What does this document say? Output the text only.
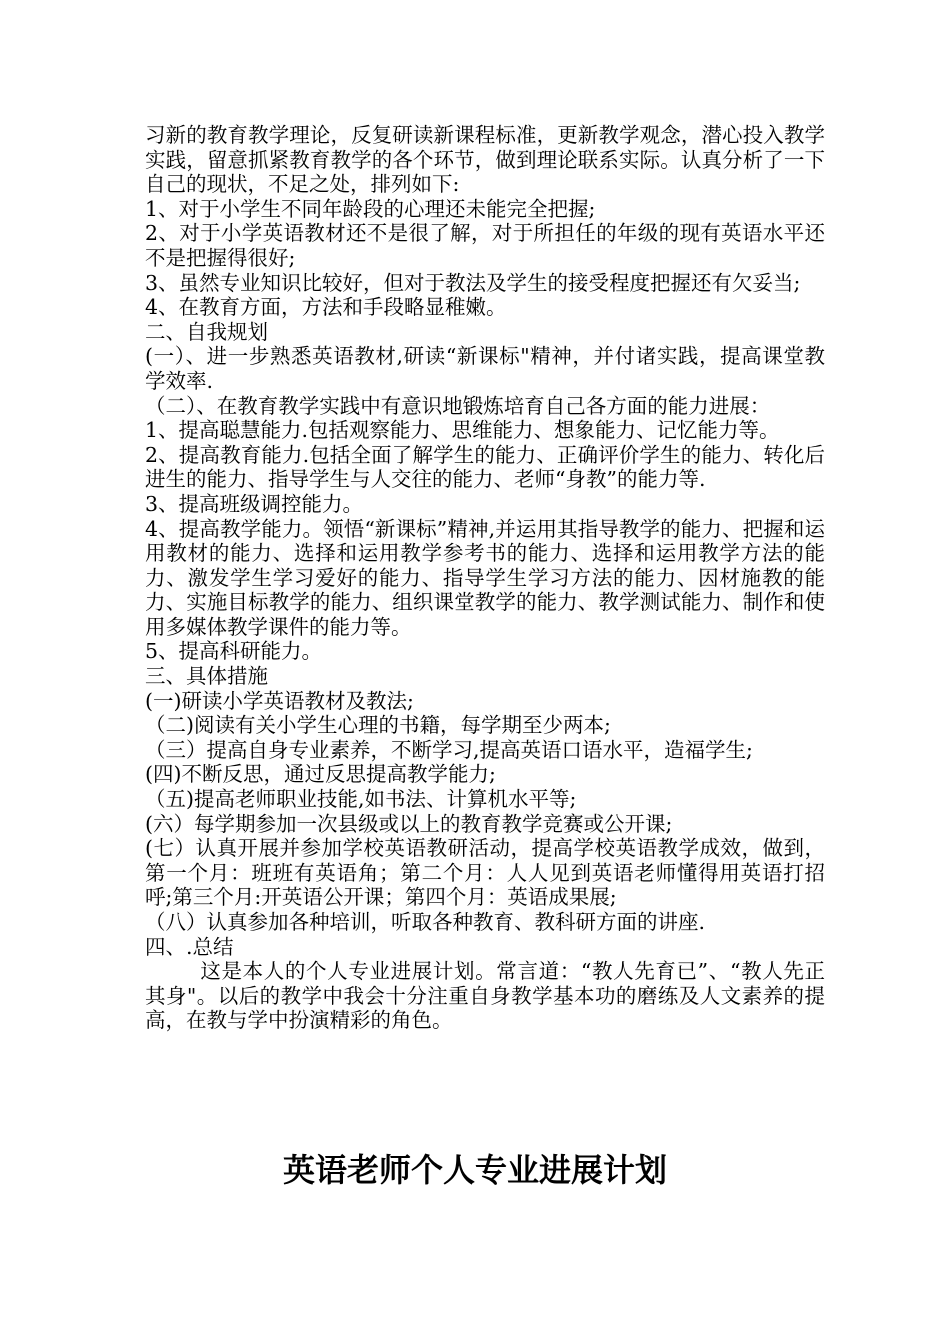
习新的教育教学理论，反复研读新课程标准，更新教学观念，潜心投入教学实践，留意抓紧教育教学的各个环节，做到理论联系实际。认真分析了一下自己的现状，不足之处，排列如下:

1、对于小学生不同年龄段的心理还未能完全把握;

2、对于小学英语教材还不是很了解，对于所担任的年级的现有英语水平还不是把握得很好;

3、虽然专业知识比较好，但对于教法及学生的接受程度把握还有欠妥当;

4、在教育方面，方法和手段略显稚嫩。

二、自我规划

(一）、进一步熟悉英语教材,研读“新课标"精神，并付诸实践，提高课堂教学效率.

（二）、在教育教学实践中有意识地锻炼培育自己各方面的能力进展：

1、提高聪慧能力.包括观察能力、思维能力、想象能力、记忆能力等。

2、提高教育能力.包括全面了解学生的能力、正确评价学生的能力、转化后进生的能力、指导学生与人交往的能力、老师“身教”的能力等.

3、提高班级调控能力。

4、提高教学能力。领悟“新课标”精神,并运用其指导教学的能力、把握和运用教材的能力、选择和运用教学参考书的能力、选择和运用教学方法的能力、激发学生学习爱好的能力、指导学生学习方法的能力、因材施教的能力、实施目标教学的能力、组织课堂教学的能力、教学测试能力、制作和使用多媒体教学课件的能力等。

5、提高科研能力。

三、具体措施

(一)研读小学英语教材及教法;

（二)阅读有关小学生心理的书籍，每学期至少两本;

（三）提高自身专业素养，不断学习,提高英语口语水平，造福学生;

(四)不断反思，通过反思提高教学能力;

（五)提高老师职业技能,如书法、计算机水平等;

(六）每学期参加一次县级或以上的教育教学竞赛或公开课;

(七）认真开展并参加学校英语教研活动，提高学校英语教学成效，做到，第一个月：班班有英语角；第二个月：人人见到英语老师懂得用英语打招呼;第三个月:开英语公开课；第四个月：英语成果展;

（八）认真参加各种培训，听取各种教育、教科研方面的讲座.

四、.总结

这是本人的个人专业进展计划。常言道：“教人先育已”、“教人先正其身"。以后的教学中我会十分注重自身教学基本功的磨练及人文素养的提高，在教与学中扮演精彩的角色。

英语老师个人专业进展计划
